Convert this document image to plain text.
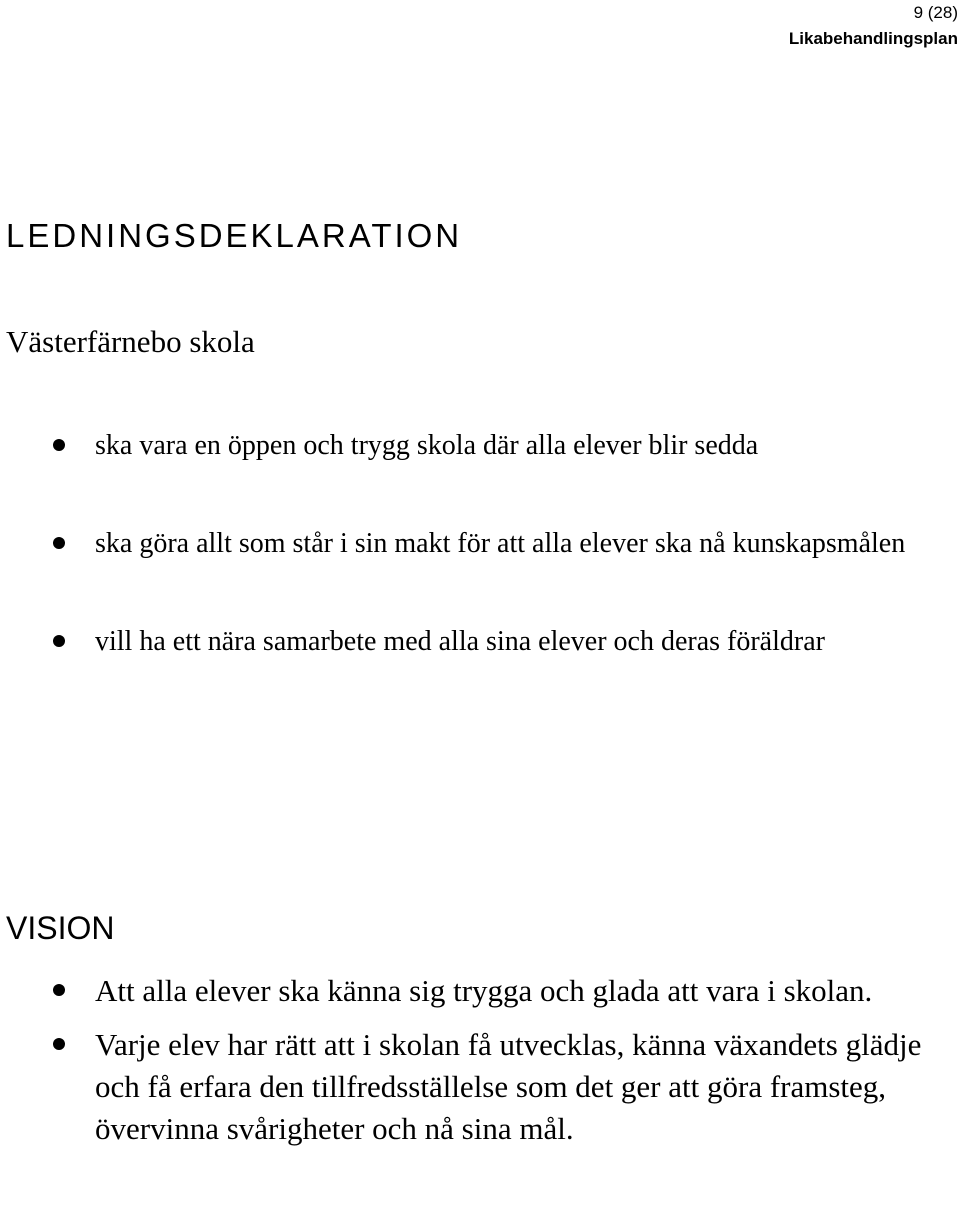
9 (28)
Likabehandlingsplan
LEDNINGSDEKLARATION

Västerfärnebo skola

ska vara en öppen och trygg skola där alla elever blir sedda
ska göra allt som står i sin makt för att alla elever ska nå kunskapsmålen
vill ha ett nära samarbete med alla sina elever och deras föräldrar
VISION
Att alla elever ska känna sig trygga och glada att vara i skolan.
Varje elev har rätt att i skolan få utvecklas, känna växandets glädje och få erfara den tillfredsställelse som det ger att göra framsteg, övervinna svårigheter och nå sina mål.
